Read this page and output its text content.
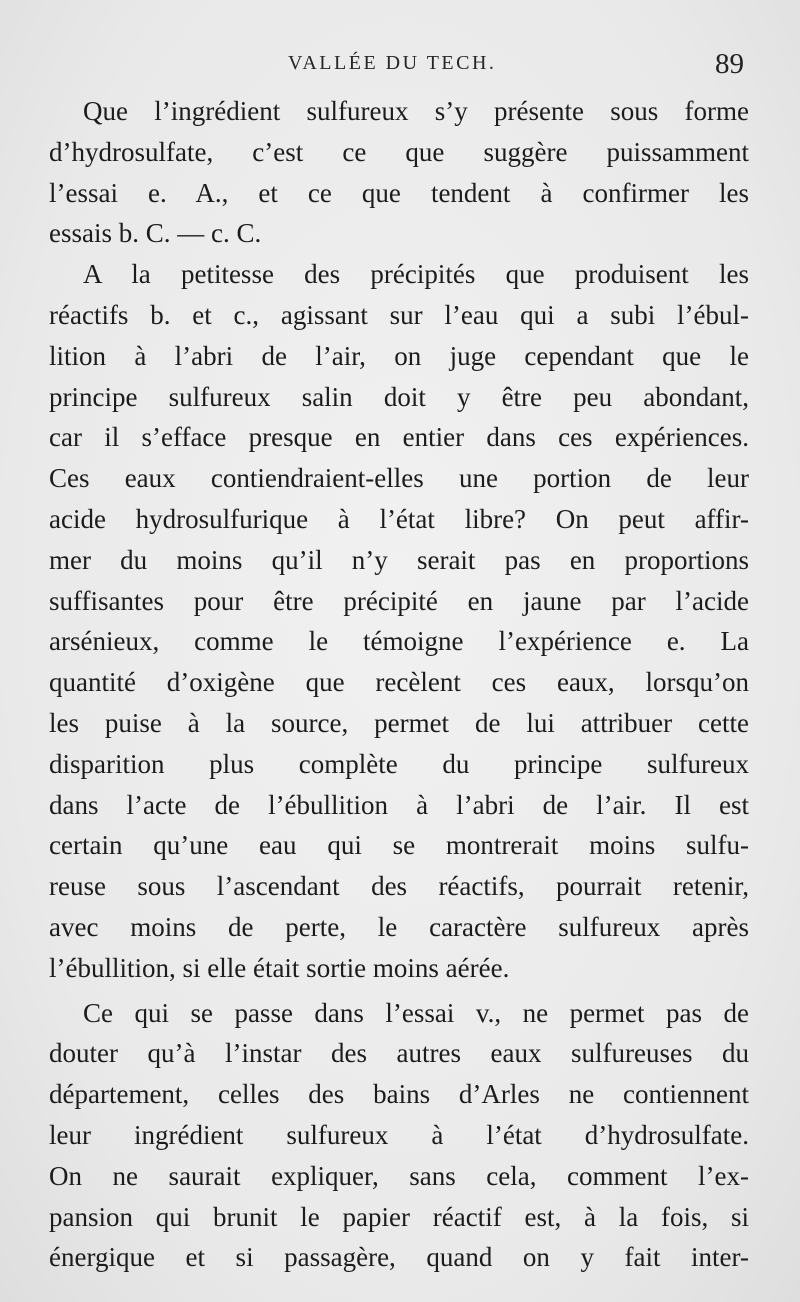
VALLÉE DU TECH.	89
Que l’ingrédient sulfureux s’y présente sous forme
d’hydrosulfate, c’est ce que suggère puissamment
l’essai e. A., et ce que tendent à confirmer les
essais b. C. — c. C.
A la petitesse des précipités que produisent les
réactifs b. et c., agissant sur l’eau qui a subi l’ébul-
lition à l’abri de l’air, on juge cependant que le
principe sulfureux salin doit y être peu abondant,
car il s’efface presque en entier dans ces expériences.
Ces eaux contiendraient-elles une portion de leur
acide hydrosulfurique à l’état libre? On peut affir-
mer du moins qu’il n’y serait pas en proportions
suffisantes pour être précipité en jaune par l’acide
arsénieux, comme le témoigne l’expérience e. La
quantité d’oxigène que recèlent ces eaux, lorsqu’on
les puise à la source, permet de lui attribuer cette
disparition plus complète du principe sulfureux
dans l’acte de l’ébullition à l’abri de l’air. Il est
certain qu’une eau qui se montrerait moins sulfu-
reuse sous l’ascendant des réactifs, pourrait retenir,
avec moins de perte, le caractère sulfureux après
l’ébullition, si elle était sortie moins aérée.
Ce qui se passe dans l’essai v., ne permet pas de
douter qu’à l’instar des autres eaux sulfureuses du
département, celles des bains d’Arles ne contiennent
leur ingrédient sulfureux à l’état d’hydrosulfate.
On ne saurait expliquer, sans cela, comment l’ex-
pansion qui brunit le papier réactif est, à la fois, si
énergique et si passagère, quand on y fait inter-
